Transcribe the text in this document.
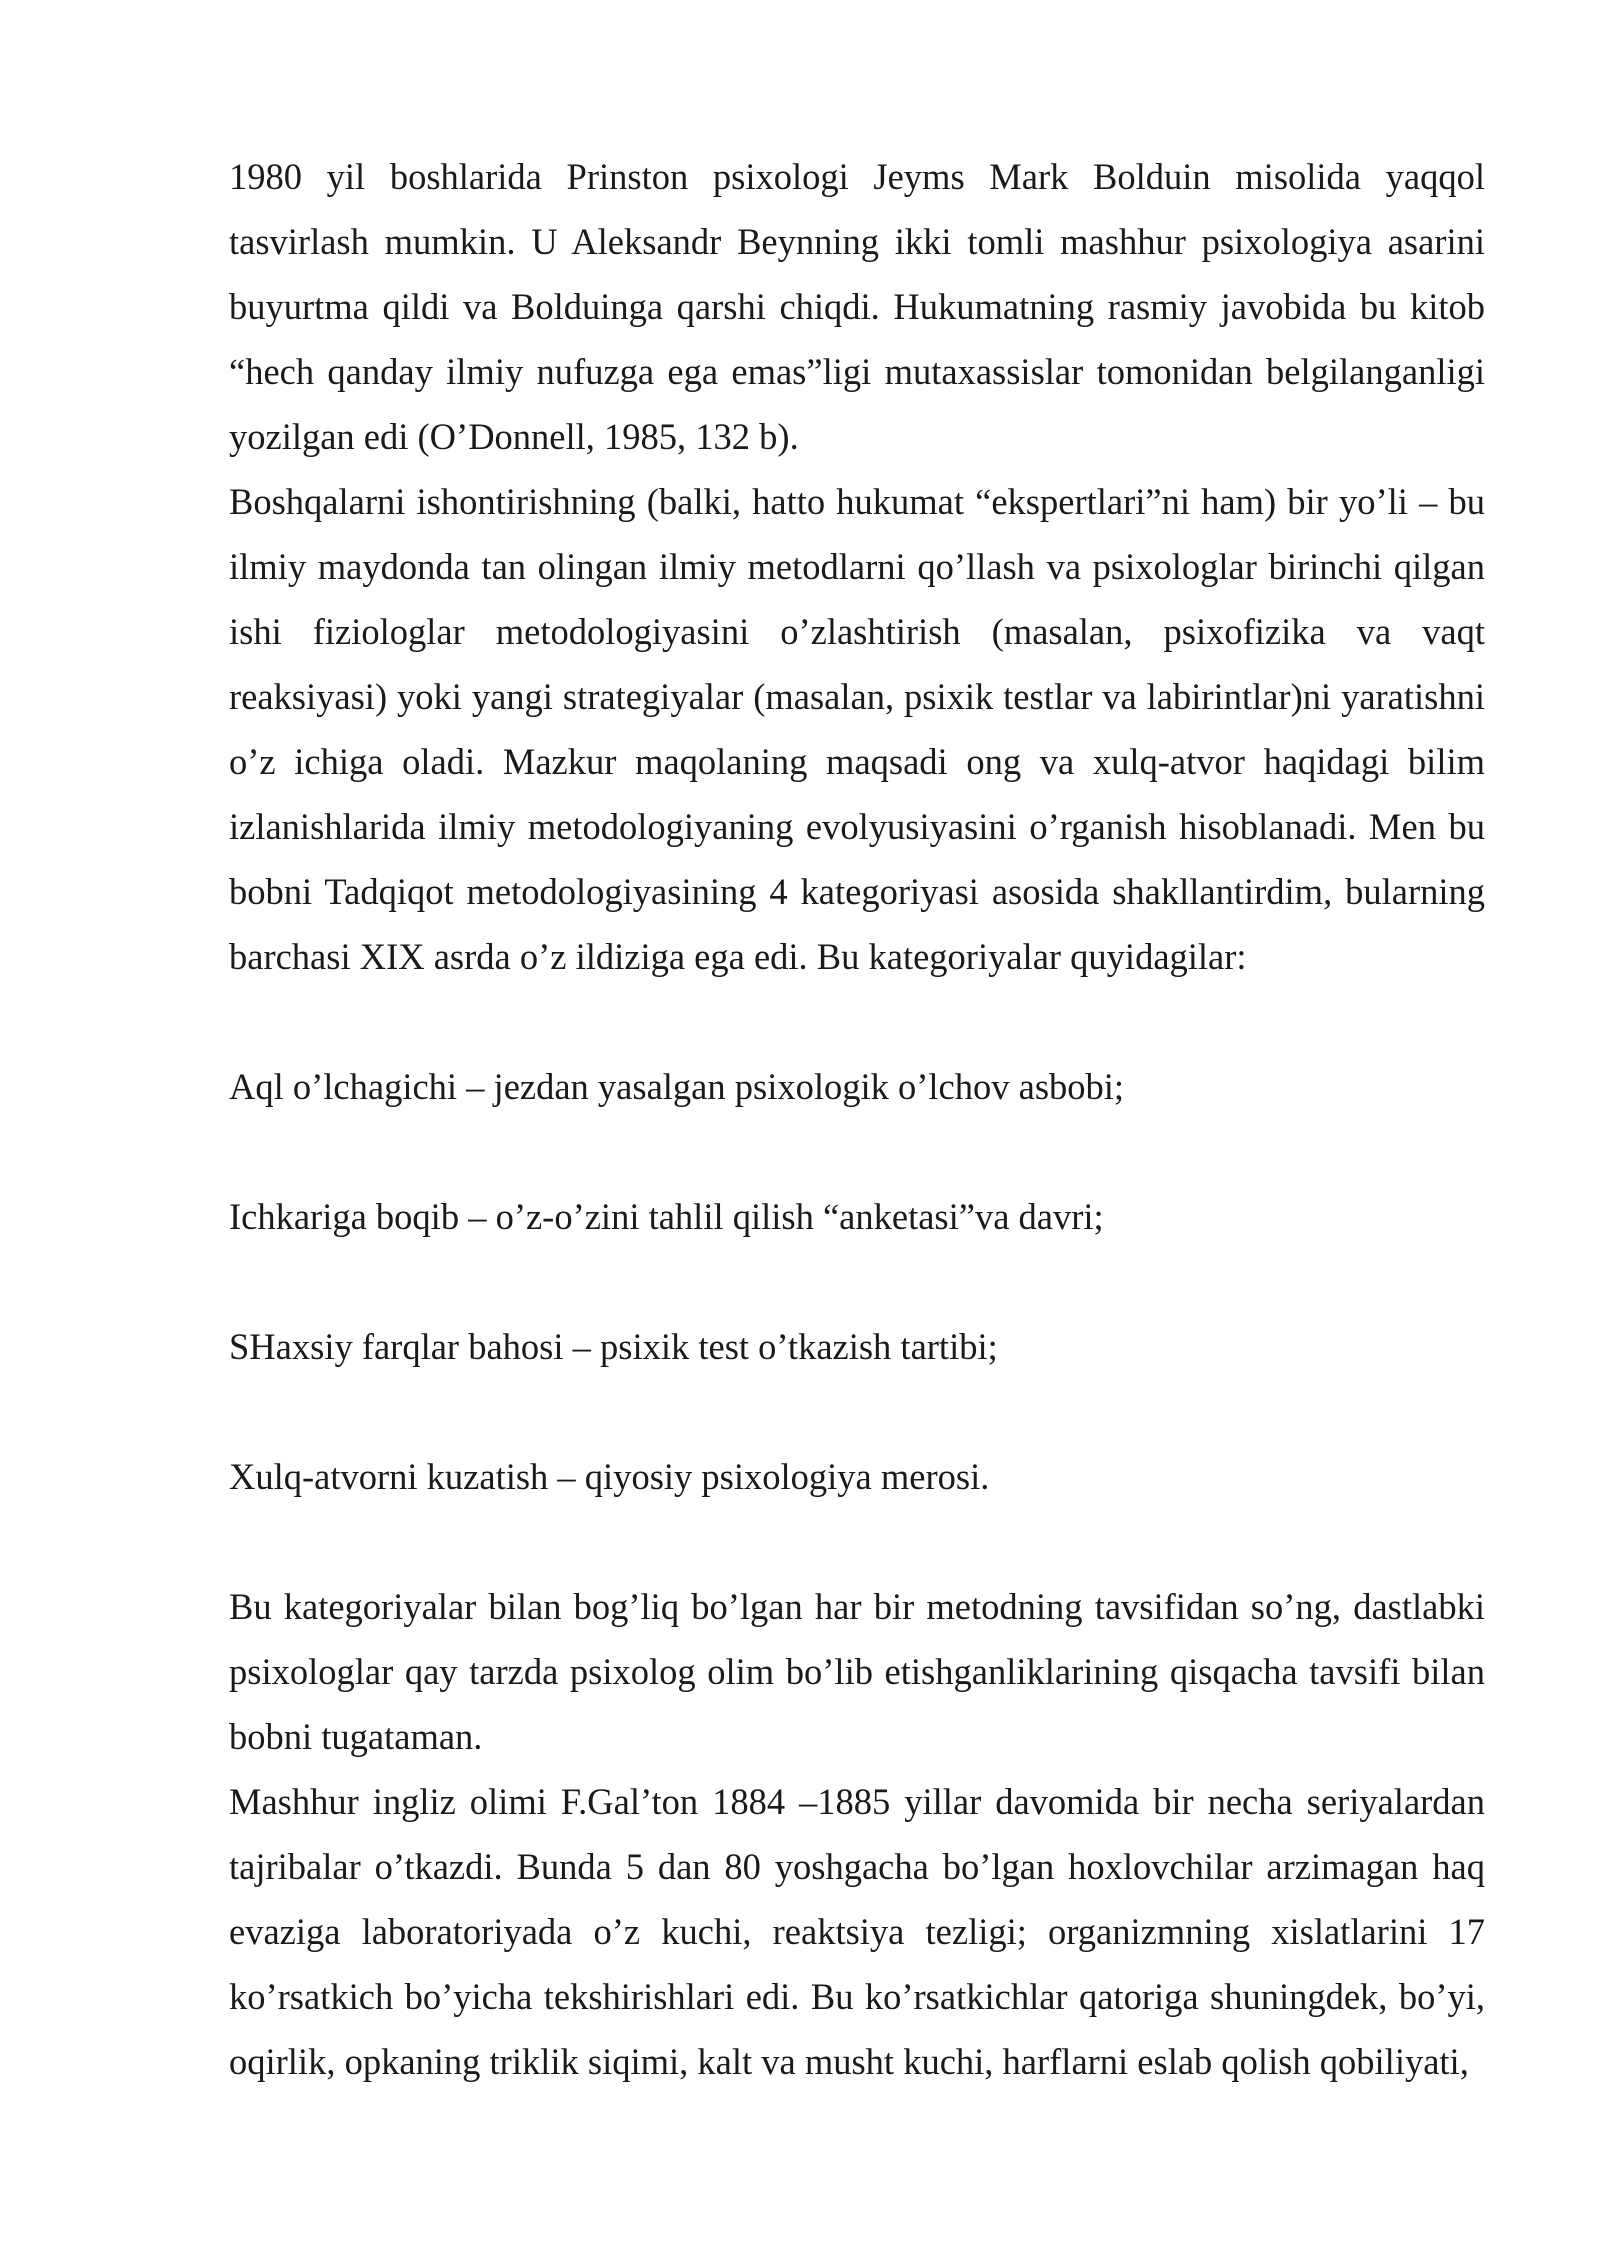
1980 yil boshlarida Prinston psixologi Jeyms Mark Bolduin misolida yaqqol tasvirlash mumkin. U Aleksandr Beynning ikki tomli mashhur psixologiya asarini buyurtma qildi va Bolduinga qarshi chiqdi. Hukumatning rasmiy javobida bu kitob “hech qanday ilmiy nufuzga ega emas”ligi mutaxassislar tomonidan belgilanganligi yozilgan edi (O’Donnell, 1985, 132 b).

Boshqalarni ishontirishning (balki, hatto hukumat “ekspertlari”ni ham) bir yo’li – bu ilmiy maydonda tan olingan ilmiy metodlarni qo’llash va psixologlar birinchi qilgan ishi fiziologlar metodologiyasini o’zlashtirish (masalan, psixofizika va vaqt reaksiyasi) yoki yangi strategiyalar (masalan, psixik testlar va labirintlar)ni yaratishni o’z ichiga oladi. Mazkur maqolaning maqsadi ong va xulq-atvor haqidagi bilim izlanishlarida ilmiy metodologiyaning evolyusiyasini o’rganish hisoblanadi. Men bu bobni Tadqiqot metodologiyasining 4 kategoriyasi asosida shakllantirdim, bularning barchasi XIX asrda o’z ildiziga ega edi. Bu kategoriyalar quyidagilar:

Aql o’lchagichi – jezdan yasalgan psixologik o’lchov asbobi;

Ichkariga boqib – o’z-o’zini tahlil qilish “anketasi”va davri;

SHaxsiy farqlar bahosi – psixik test o’tkazish tartibi;

Xulq-atvorni kuzatish – qiyosiy psixologiya merosi.

Bu kategoriyalar bilan bog’liq bo’lgan har bir metodning tavsifidan so’ng, dastlabki psixologlar qay tarzda psixolog olim bo’lib etishganliklarining qisqacha tavsifi bilan bobni tugataman.

Mashhur ingliz olimi F.Gal’ton 1884 –1885 yillar davomida bir necha seriyalardan tajribalar o’tkazdi. Bunda 5 dan 80 yoshgacha bo’lgan hoxlovchilar arzimagan haq evaziga laboratoriyada o’z kuchi, reaktsiya tezligi; organizmning xislatlarini 17 ko’rsatkich bo’yicha tekshirishlari edi. Bu ko’rsatkichlar qatoriga shuningdek, bo’yi, oqirlik, opkaning triklik siqimi, kalt va musht kuchi, harflarni eslab qolish qobiliyati,
